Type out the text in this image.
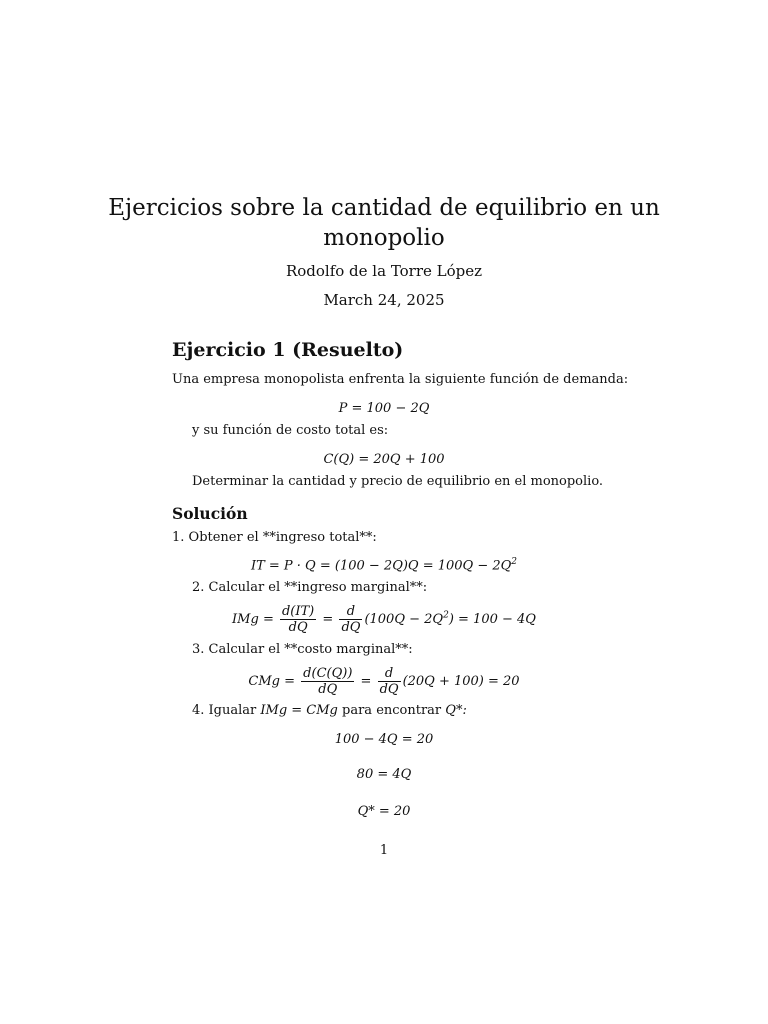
Ejercicios sobre la cantidad de equilibrio en un
monopolio
Rodolfo de la Torre López
March 24, 2025
Ejercicio 1 (Resuelto)
Una empresa monopolista enfrenta la siguiente función de demanda:
P = 100 − 2Q
y su función de costo total es:
C(Q) = 20Q + 100
Determinar la cantidad y precio de equilibrio en el monopolio.
Solución
1. Obtener el **ingreso total**:
IT = $P \cdot Q = (100 - 2Q)Q = 100Q - 2Q^2$
2. Calcular el **ingreso marginal**:
IMg = $\frac{d(IT)}{dQ} = \frac{d}{dQ} (100Q - 2Q^2) = 100 - 4Q$
3. Calcular el **costo marginal**:
CMg = $\frac{d(C(Q))}{dQ} = \frac{d}{dQ} (20Q + 100) = 20$
4. Igualar IMg = CMg para encontrar Q*:
100 − 4Q = 20
80 = 4Q
Q* = 20
1
